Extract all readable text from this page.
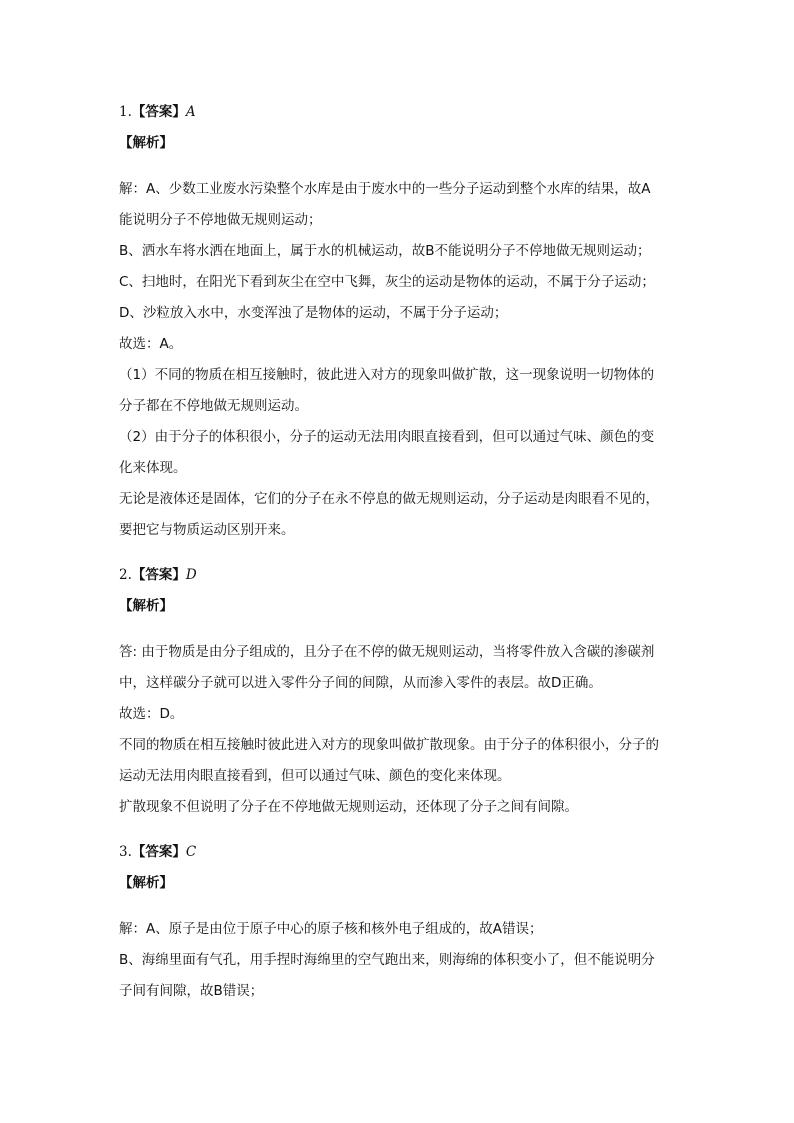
1.【答案】A
【解析】
解：A、少数工业废水污染整个水库是由于废水中的一些分子运动到整个水库的结果，故A
能说明分子不停地做无规则运动；
B、洒水车将水洒在地面上，属于水的机械运动，故B不能说明分子不停地做无规则运动；
C、扫地时，在阳光下看到灰尘在空中飞舞，灰尘的运动是物体的运动，不属于分子运动；
D、沙粒放入水中，水变浑浊了是物体的运动，不属于分子运动；
故选：A。
（1）不同的物质在相互接触时，彼此进入对方的现象叫做扩散，这一现象说明一切物体的
分子都在不停地做无规则运动。
（2）由于分子的体积很小，分子的运动无法用肉眼直接看到，但可以通过气味、颜色的变
化来体现。
无论是液体还是固体，它们的分子在永不停息的做无规则运动，分子运动是肉眼看不见的，
要把它与物质运动区别开来。
2.【答案】D
【解析】
答: 由于物质是由分子组成的，且分子在不停的做无规则运动，当将零件放入含碳的渗碳剂
中，这样碳分子就可以进入零件分子间的间隙，从而渗入零件的表层。故D正确。
故选：D。
不同的物质在相互接触时彼此进入对方的现象叫做扩散现象。由于分子的体积很小，分子的
运动无法用肉眼直接看到，但可以通过气味、颜色的变化来体现。
扩散现象不但说明了分子在不停地做无规则运动，还体现了分子之间有间隙。
3.【答案】C
【解析】
解：A、原子是由位于原子中心的原子核和核外电子组成的，故A错误；
B、海绵里面有气孔，用手捏时海绵里的空气跑出来，则海绵的体积变小了，但不能说明分
子间有间隙，故B错误；
